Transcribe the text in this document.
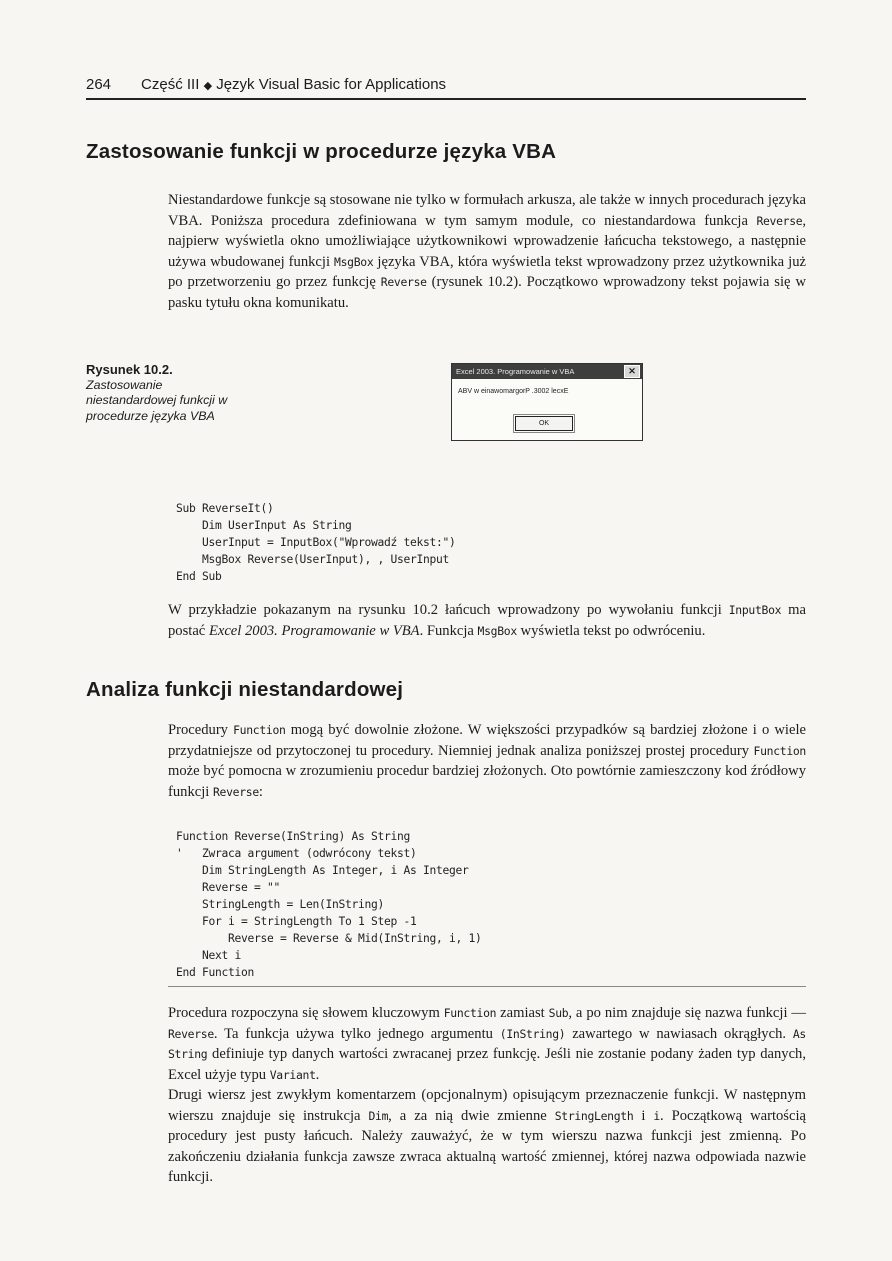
264 Część III ◆ Język Visual Basic for Applications
Zastosowanie funkcji w procedurze języka VBA

Niestandardowe funkcje są stosowane nie tylko w formułach arkusza, ale także w innych procedurach języka VBA. Poniższa procedura zdefiniowana w tym samym module, co niestandardowa funkcja Reverse, najpierw wyświetla okno umożliwiające użytkownikowi wprowadzenie łańcucha tekstowego, a następnie używa wbudowanej funkcji MsgBox języka VBA, która wyświetla tekst wprowadzony przez użytkownika już po przetworzeniu go przez funkcję Reverse (rysunek 10.2). Początkowo wprowadzony tekst pojawia się w pasku tytułu okna komunikatu.

Rysunek 10.2.
Zastosowanie niestandardowej funkcji w procedurze języka VBA
Excel 2003. Programowanie w VBA	✕
ABV w einawomargorP .3002 lecxE
OK
Sub ReverseIt()
Dim UserInput As String
UserInput = InputBox("Wprowadź tekst:")
MsgBox Reverse(UserInput), , UserInput
End Sub

W przykładzie pokazanym na rysunku 10.2 łańcuch wprowadzony po wywołaniu funkcji InputBox ma postać Excel 2003. Programowanie w VBA. Funkcja MsgBox wyświetla tekst po odwróceniu.

Analiza funkcji niestandardowej

Procedury Function mogą być dowolnie złożone. W większości przypadków są bardziej złożone i o wiele przydatniejsze od przytoczonej tu procedury. Niemniej jednak analiza poniższej prostej procedury Function może być pomocna w zrozumieniu procedur bardziej złożonych. Oto powtórnie zamieszczony kod źródłowy funkcji Reverse:

Function Reverse(InString) As String
'   Zwraca argument (odwrócony tekst)
Dim StringLength As Integer, i As Integer
Reverse = ""
StringLength = Len(InString)
For i = StringLength To 1 Step -1
Reverse = Reverse & Mid(InString, i, 1)
Next i
End Function

Procedura rozpoczyna się słowem kluczowym Function zamiast Sub, a po nim znajduje się nazwa funkcji — Reverse. Ta funkcja używa tylko jednego argumentu (InString) zawartego w nawiasach okrągłych. As String definiuje typ danych wartości zwracanej przez funkcję. Jeśli nie zostanie podany żaden typ danych, Excel użyje typu Variant.

Drugi wiersz jest zwykłym komentarzem (opcjonalnym) opisującym przeznaczenie funkcji. W następnym wierszu znajduje się instrukcja Dim, a za nią dwie zmienne StringLength i i. Początkową wartością procedury jest pusty łańcuch. Należy zauważyć, że w tym wierszu nazwa funkcji jest zmienną. Po zakończeniu działania funkcja zawsze zwraca aktualną wartość zmiennej, której nazwa odpowiada nazwie funkcji.
